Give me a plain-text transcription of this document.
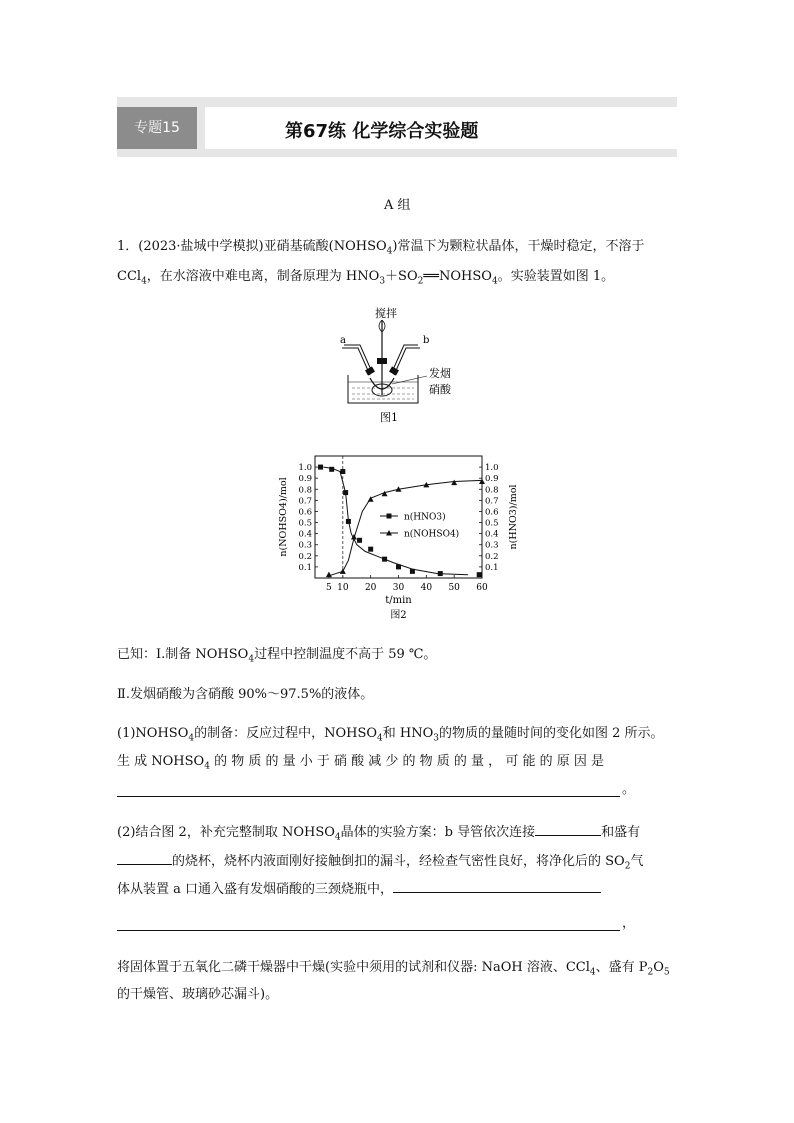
专题15	第67练 化学综合实验题
A 组
1．(2023·盐城中学模拟)亚硝基硫酸$(NOHSO_4)$常温下为颗粒状晶体，干燥时稳定，不溶于
CCl$_4$，在水溶液中难电离，制备原理为 $HNO_3+SO_2══NOHSO_4$。实验装置如图 1。
搅拌
a	b
发烟
硝酸
图1
5 10 20 30 40 50 60
0.1	0.1
0.2	0.2
0.3	0.3
0.4	0.4
0.5	0.5
0.6	0.6
0.7	0.7
0.8	0.8
0.9	0.9
1.0	1.0
n(HNO3)
n(NOHSO4)
t/min
n(NOHSO4)/mol	n(HNO3)/mol
图2
已知：Ⅰ.制备 $NOHSO_4$过程中控制温度不高于 59 ℃。
Ⅱ.发烟硝酸为含硝酸 90%～97.5%的液体。
$(1)NOHSO_4$的制备：反应过程中，$NOHSO_4$和 $HNO_3$的物质的量随时间的变化如图 2 所示。
生 成 $NOHSO_4$ 的 物 质 的 量 小 于 硝 酸 减 少 的 物 质 的 量 ， 可 能 的 原 因 是
。
(2)结合图 2，补充完整制取 $NOHSO_4$晶体的实验方案：b 导管依次连接	和盛有
的烧杯，烧杯内液面刚好接触倒扣的漏斗，经检查气密性良好，将净化后的 $SO_2$气
体从装置 a 口通入盛有发烟硝酸的三颈烧瓶中，
，
将固体置于五氧化二磷干燥器中干燥(实验中须用的试剂和仪器: NaOH 溶液、CCl$_4$、盛有 $P_2O_5$
的干燥管、玻璃砂芯漏斗)。
